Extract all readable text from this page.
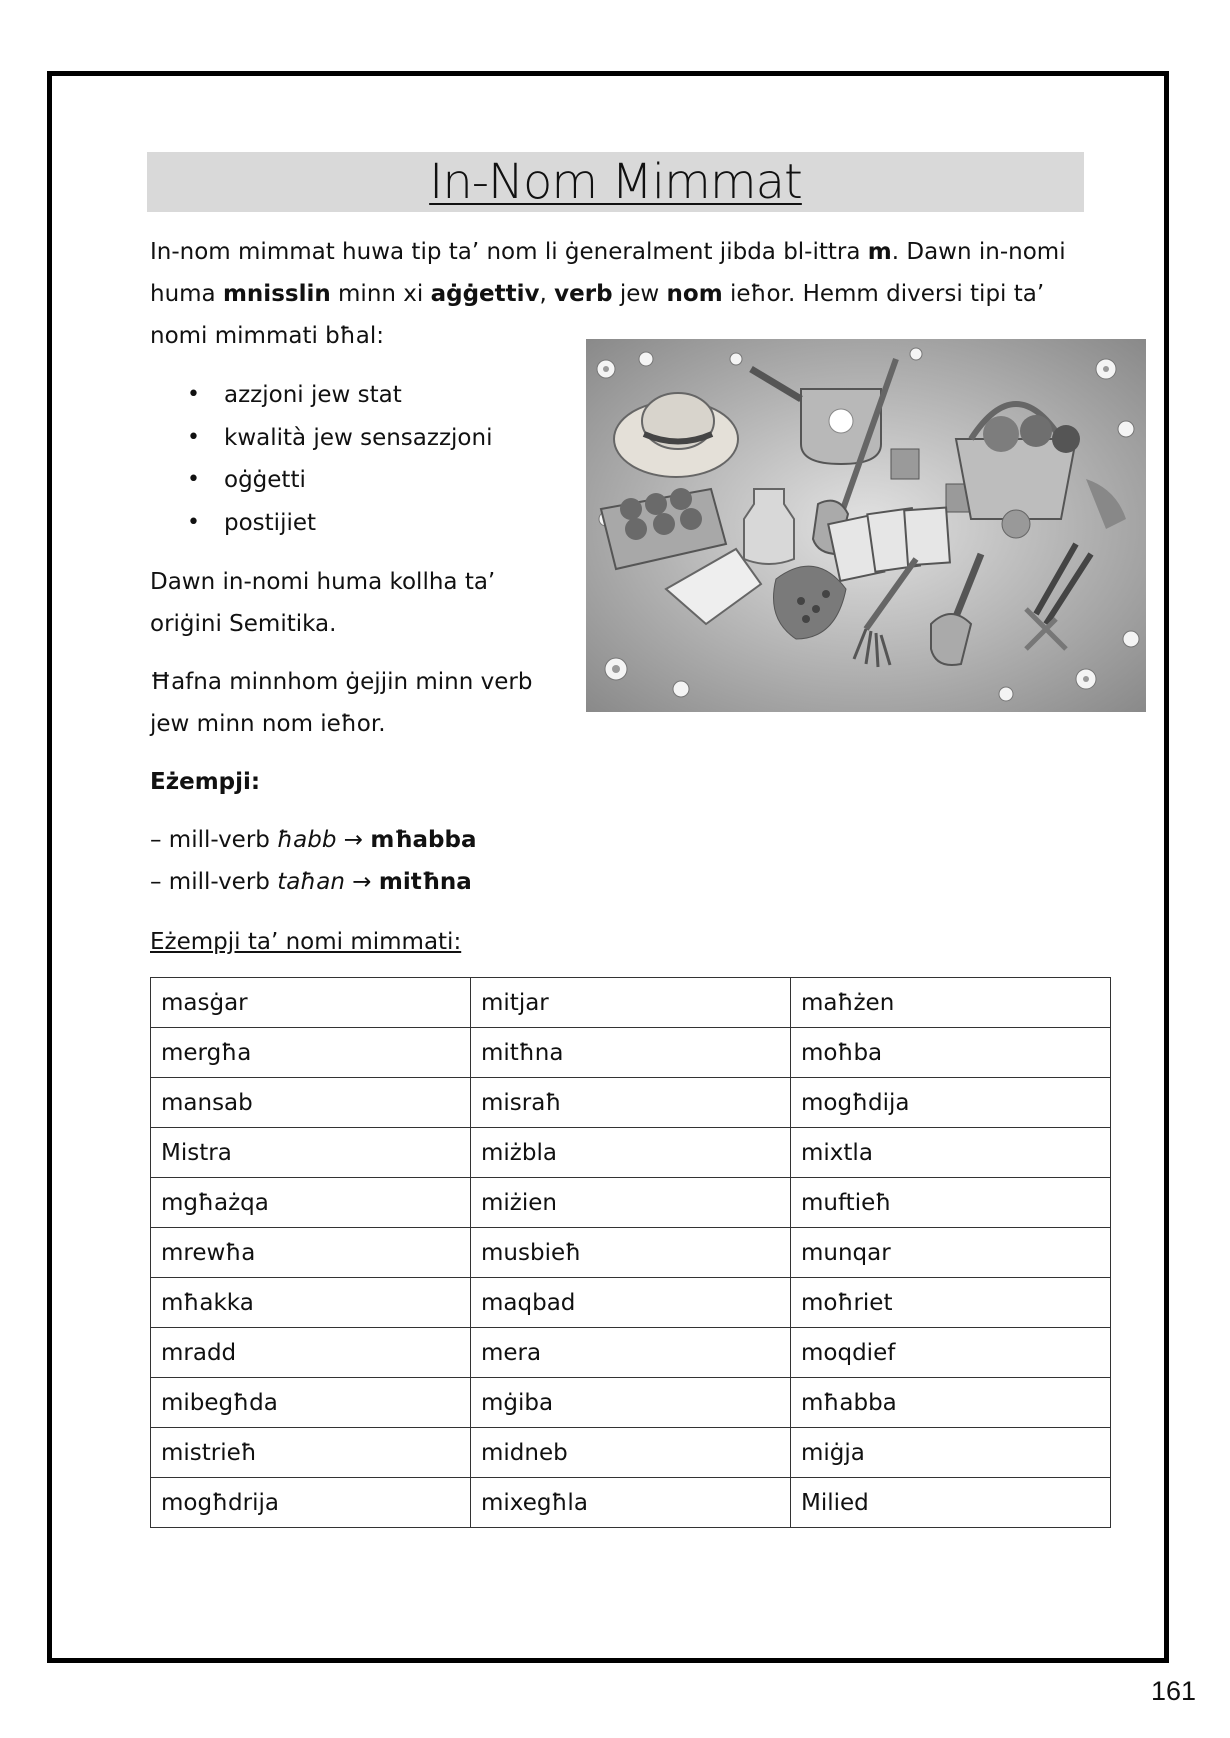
In-Nom Mimmat
In-nom mimmat huwa tip ta’ nom li ġeneralment jibda bl-ittra m. Dawn in-nomi huma mnisslin minn xi aġġettiv, verb jew nom ieħor. Hemm diversi tipi ta’ nomi mimmati bħal:
• azzjoni jew stat
• kwalità jew sensazzjoni
• oġġetti
• postijiet
Dawn in-nomi huma kollha ta’ oriġini Semitika.
Ħafna minnhom ġejjin minn verb jew minn nom ieħor.
Eżempji:
– mill-verb ħabb → mħabba
– mill-verb taħan → mitħna
Eżempji ta’ nomi mimmati:
masġar	mitjar	maħżen
mergħa	mitħna	moħba
mansab	misraħ	mogħdija
Mistra	miżbla	mixtla
mgħażqa	miżien	muftieħ
mrewħa	musbieħ	munqar
mħakka	maqbad	moħriet
mradd	mera	moqdief
mibegħda	mġiba	mħabba
mistrieħ	midneb	miġja
mogħdrija	mixegħla	Milied
161
